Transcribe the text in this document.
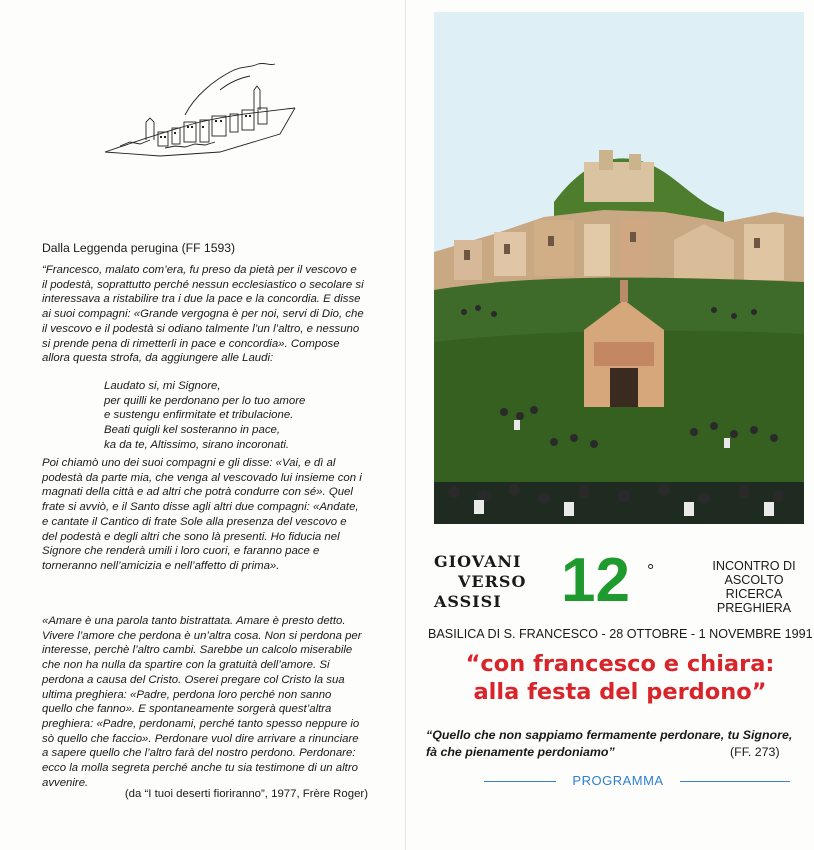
Dalla Leggenda perugina (FF 1593)

“Francesco, malato com’era, fu preso da pietà per il vescovo e il podestà, soprattutto perché nessun ecclesiastico o secolare si interessava a ristabilire tra i due la pace e la concordia. E disse ai suoi compagni: «Grande vergogna è per noi, servi di Dio, che il vescovo e il podestà si odiano talmente l’un l’altro, e nessuno si prende pena di rimetterli in pace e concordia». Compose allora questa strofa, da aggiungere alle Laudi:

Laudato si, mi Signore,
per quilli ke perdonano per lo tuo amore
e sustengu enfirmitate et tribulacione.
Beati quigli kel sosteranno in pace,
ka da te, Altissimo, sirano incoronati.

Poi chiamò uno dei suoi compagni e gli disse: «Vai, e dì al podestà da parte mia, che venga al vescovado lui insieme con i magnati della città e ad altri che potrà condurre con sé». Quel frate si avviò, e il Santo disse agli altri due compagni: «Andate, e cantate il Cantico di frate Sole alla presenza del vescovo e del podestà e degli altri che sono là presenti. Ho fiducia nel Signore che renderà umili i loro cuori, e faranno pace e torneranno nell’amicizia e nell’affetto di prima».

«Amare è una parola tanto bistrattata. Amare è presto detto. Vivere l’amore che perdona è un’altra cosa. Non si perdona per interesse, perchè l’altro cambi. Sarebbe un calcolo miserabile che non ha nulla da spartire con la gratuità dell’amore. Si perdona a causa del Cristo. Oserei pregare col Cristo la sua ultima preghiera: «Padre, perdona loro perché non sanno quello che fanno». E spontaneamente sorgerà quest’altra preghiera: «Padre, perdonami, perché tanto spesso neppure io sò quello che faccio». Perdonare vuol dire arrivare a rinunciare a sapere quello che l’altro farà del nostro perdono. Perdonare: ecco la molla segreta perché anche tu sia testimone di un altro avvenire.

(da “I tuoi deserti fioriranno”, 1977, Frère Roger)
GIOVANI
VERSO
ASSISI 12 °	INCONTRO DI
ASCOLTO
RICERCA
PREGHIERA
BASILICA DI S. FRANCESCO - 28 OTTOBRE - 1 NOVEMBRE 1991
“con francesco e chiara:
alla festa del perdono”
“Quello che non sappiamo fermamente perdonare, tu Signore, fà che pienamente perdoniamo”	(FF. 273)
PROGRAMMA
